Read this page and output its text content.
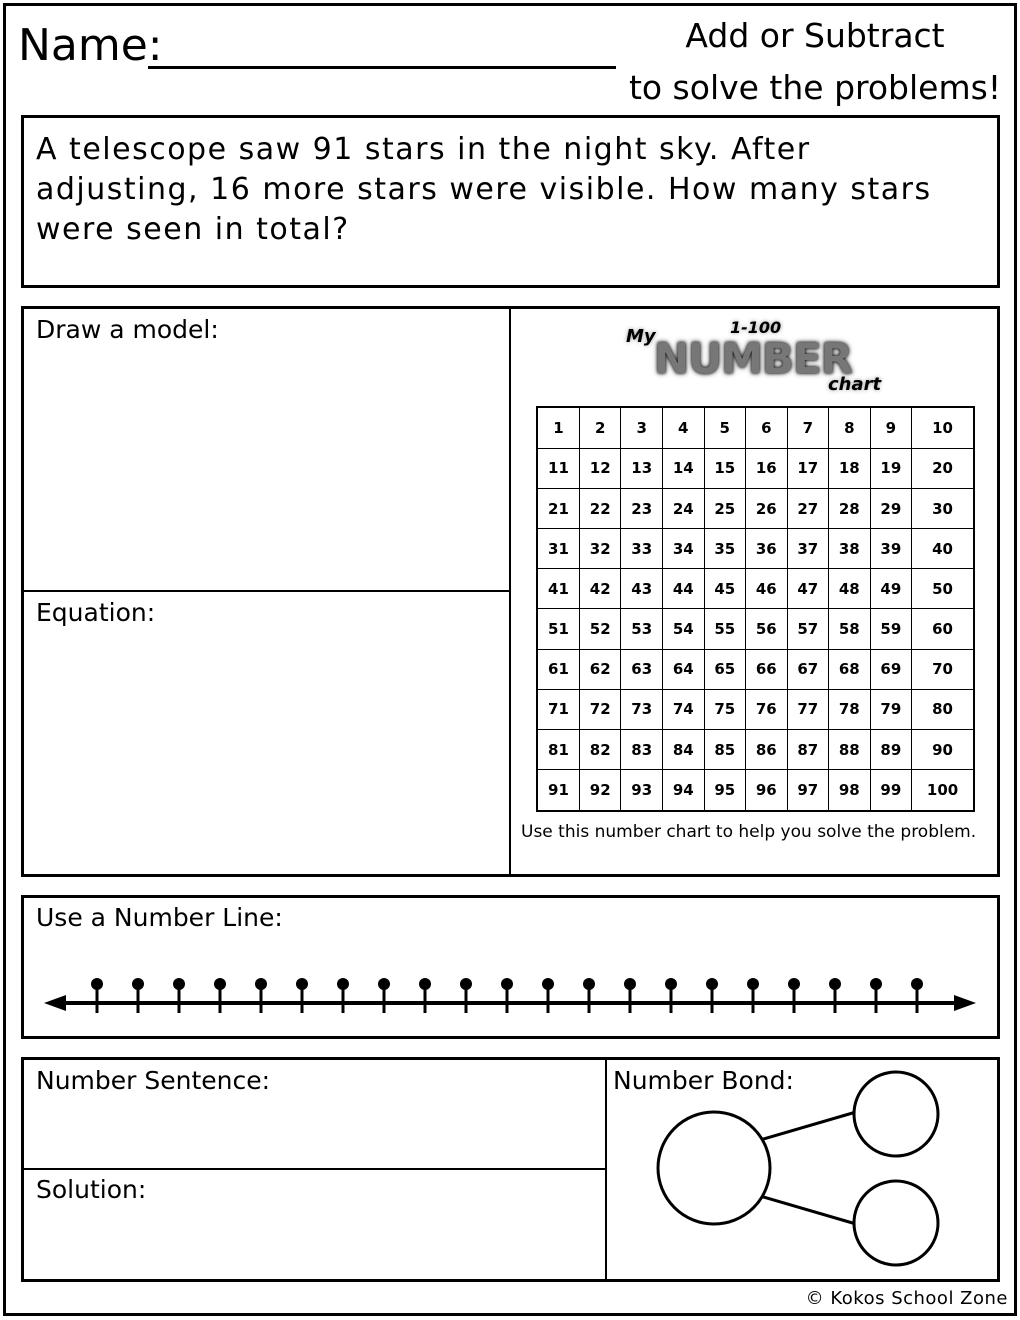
Name:	Add or Subtract
to solve the problems!
A telescope saw 91 stars in the night sky. After adjusting, 16 more stars were visible. How many stars were seen in total?
Draw a model:
Equation:
My	1-100
NUMBER
chart
1	2	3	4	5	6	7	8	9	10
11	12	13	14	15	16	17	18	19	20
21	22	23	24	25	26	27	28	29	30
31	32	33	34	35	36	37	38	39	40
41	42	43	44	45	46	47	48	49	50
51	52	53	54	55	56	57	58	59	60
61	62	63	64	65	66	67	68	69	70
71	72	73	74	75	76	77	78	79	80
81	82	83	84	85	86	87	88	89	90
91	92	93	94	95	96	97	98	99	100
Use this number chart to help you solve the problem.
Use a Number Line:
Number Sentence:
Solution:
Number Bond:
© Kokos School Zone
